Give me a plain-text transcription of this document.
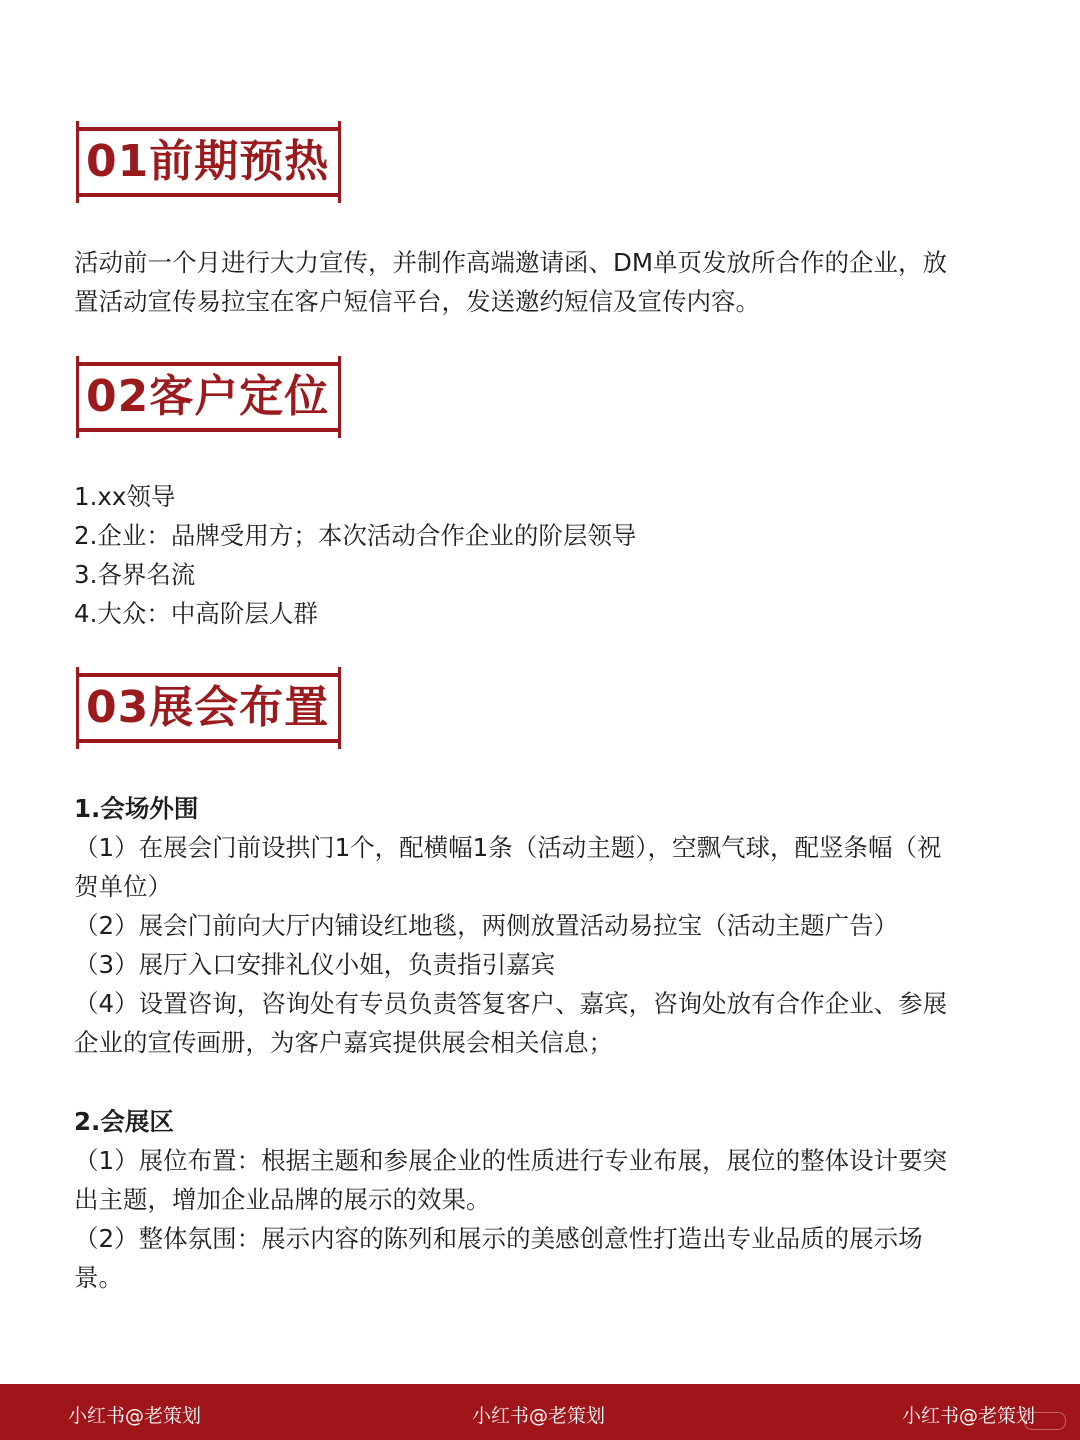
01前期预热
活动前一个月进行大力宣传，并制作高端邀请函、DM单页发放所合作的企业，放
置活动宣传易拉宝在客户短信平台，发送邀约短信及宣传内容。
02客户定位
1.xx领导
2.企业：品牌受用方；本次活动合作企业的阶层领导
3.各界名流
4.大众：中高阶层人群
03展会布置
1.会场外围
（1）在展会门前设拱门1个，配横幅1条（活动主题），空飘气球，配竖条幅（祝
贺单位）
（2）展会门前向大厅内铺设红地毯，两侧放置活动易拉宝（活动主题广告）
（3）展厅入口安排礼仪小姐，负责指引嘉宾
（4）设置咨询，咨询处有专员负责答复客户、嘉宾，咨询处放有合作企业、参展
企业的宣传画册，为客户嘉宾提供展会相关信息；
2.会展区
（1）展位布置：根据主题和参展企业的性质进行专业布展，展位的整体设计要突
出主题，增加企业品牌的展示的效果。
（2）整体氛围：展示内容的陈列和展示的美感创意性打造出专业品质的展示场
景。
小红书@老策划	小红书@老策划	小红书@老策划
